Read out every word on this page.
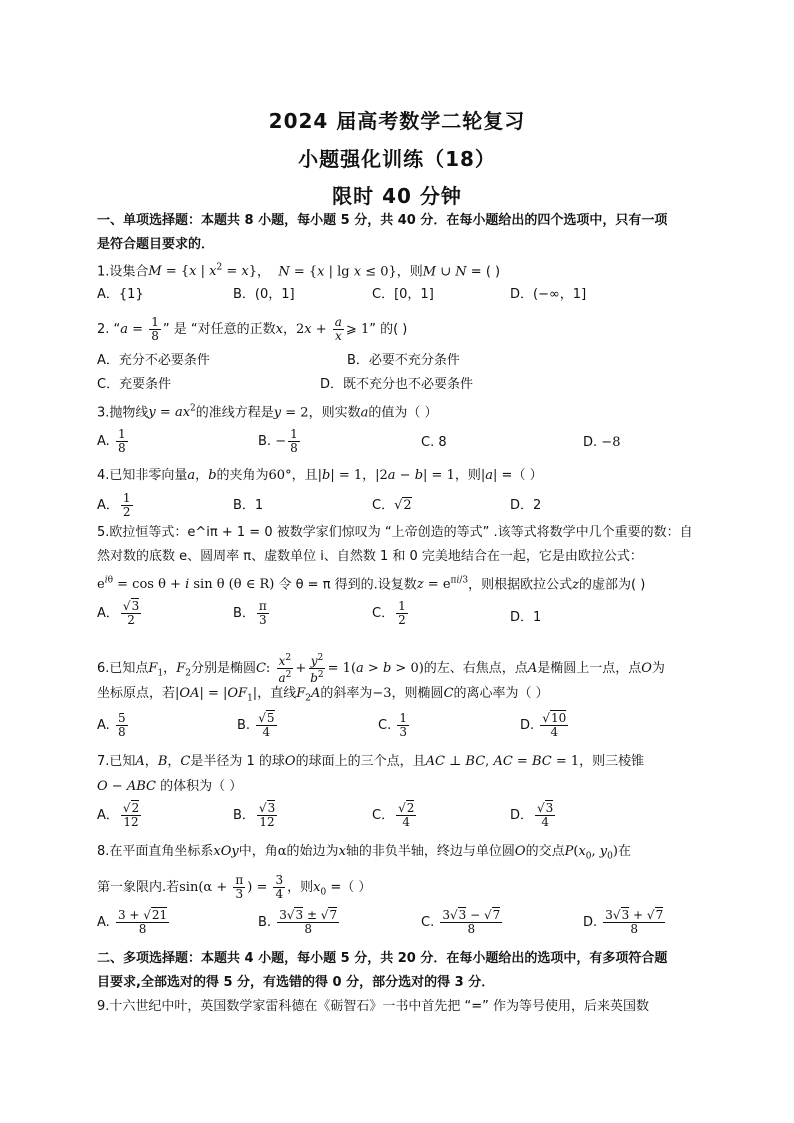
2024 届高考数学二轮复习
小题强化训练（18）
限时 40 分钟
一、单项选择题：本题共 8 小题，每小题 5 分，共 40 分．在每小题给出的四个选项中，只有一项
是符合题目要求的．
1.设集合M = {x | $x^2 = x$}，  N = {x | lg x ≤ 0}，则M ∪ N = ( )
A．{1}	B．(0，1]	C．[0，1]	D．(−∞，1]
2. “$a = \frac{1}{8}$ ” 是 “对任意的正数x，$2x + \frac{a}{x}$ ⩾ 1” 的( )
A．充分不必要条件	B．必要不充分条件
C．充要条件	D．既不充分也不必要条件
3.抛物线$y = ax^2$的准线方程是y = 2，则实数a的值为（ ）
A. $\frac{1}{8}$	B. − $\frac{1}{8}$	C. 8	D. −8
4.已知非零向量a，b的夹角为60°，且|b| = 1，|2a − b| = 1，则|a| =（ ）
A． $\frac{1}{2}$	B．1	C．√2	D．2
5.欧拉恒等式：e^iπ + 1 = 0 被数学家们惊叹为 “上帝创造的等式” .该等式将数学中几个重要的数：自
然对数的底数 e、圆周率 π、虚数单位 i、自然数 1 和 0 完美地结合在一起，它是由欧拉公式：
$e^{i\theta} = \cos \theta + i$ sin θ (θ ∈ R) 令 θ = π 得到的.设复数$z = e^{\pi i/3}$，则根据欧拉公式z的虚部为( )
A． $\frac{√3}{2}$	B． $\frac{\pi}{3}$	C． $\frac{1}{2}$	D．1
6.已知点$F_1$，$F_2$分别是椭圆C: $\frac{x^2}{a^2} + \frac{y^2}{b^2} = 1(a > b > 0)$的左、右焦点，点A是椭圆上一点，点O为
坐标原点，若$|OA| = |OF_1|$，直线$F_2A$的斜率为−3，则椭圆C的离心率为（ ）
A. $\frac{5}{8}$	B. $\frac{√5}{4}$	C. $\frac{1}{3}$	D. $\frac{√10}{4}$
7.已知A，B，C是半径为 1 的球O的球面上的三个点，且AC ⊥ BC, AC = BC = 1，则三棱锥
O − ABC 的体积为（ ）
A． $\frac{√2}{12}$	B． $\frac{√3}{12}$	C． $\frac{√2}{4}$	D． $\frac{√3}{4}$
8.在平面直角坐标系xOy中，角α的始边为x轴的非负半轴，终边与单位圆O的交点$P(x_0$, $y_0$)在
第一象限内.若$\sin(\alpha + \frac{\pi}{3}$ ) = $\frac{3}{4}$ ，则$x_0$ =（ ）
A. $\frac{3 + √21}{8}$	B. $\frac{3√3 \pm √7}{8}$	C. $\frac{3√3 - √7}{8}$	D. $\frac{3√3 + √7}{8}$
二、多项选择题：本题共 4 小题，每小题 5 分，共 20 分．在每小题给出的选项中，有多项符合题
目要求,全部选对的得 5 分，有选错的得 0 分，部分选对的得 3 分．
9.十六世纪中叶，英国数学家雷科德在《砺智石》一书中首先把 “=” 作为等号使用，后来英国数
